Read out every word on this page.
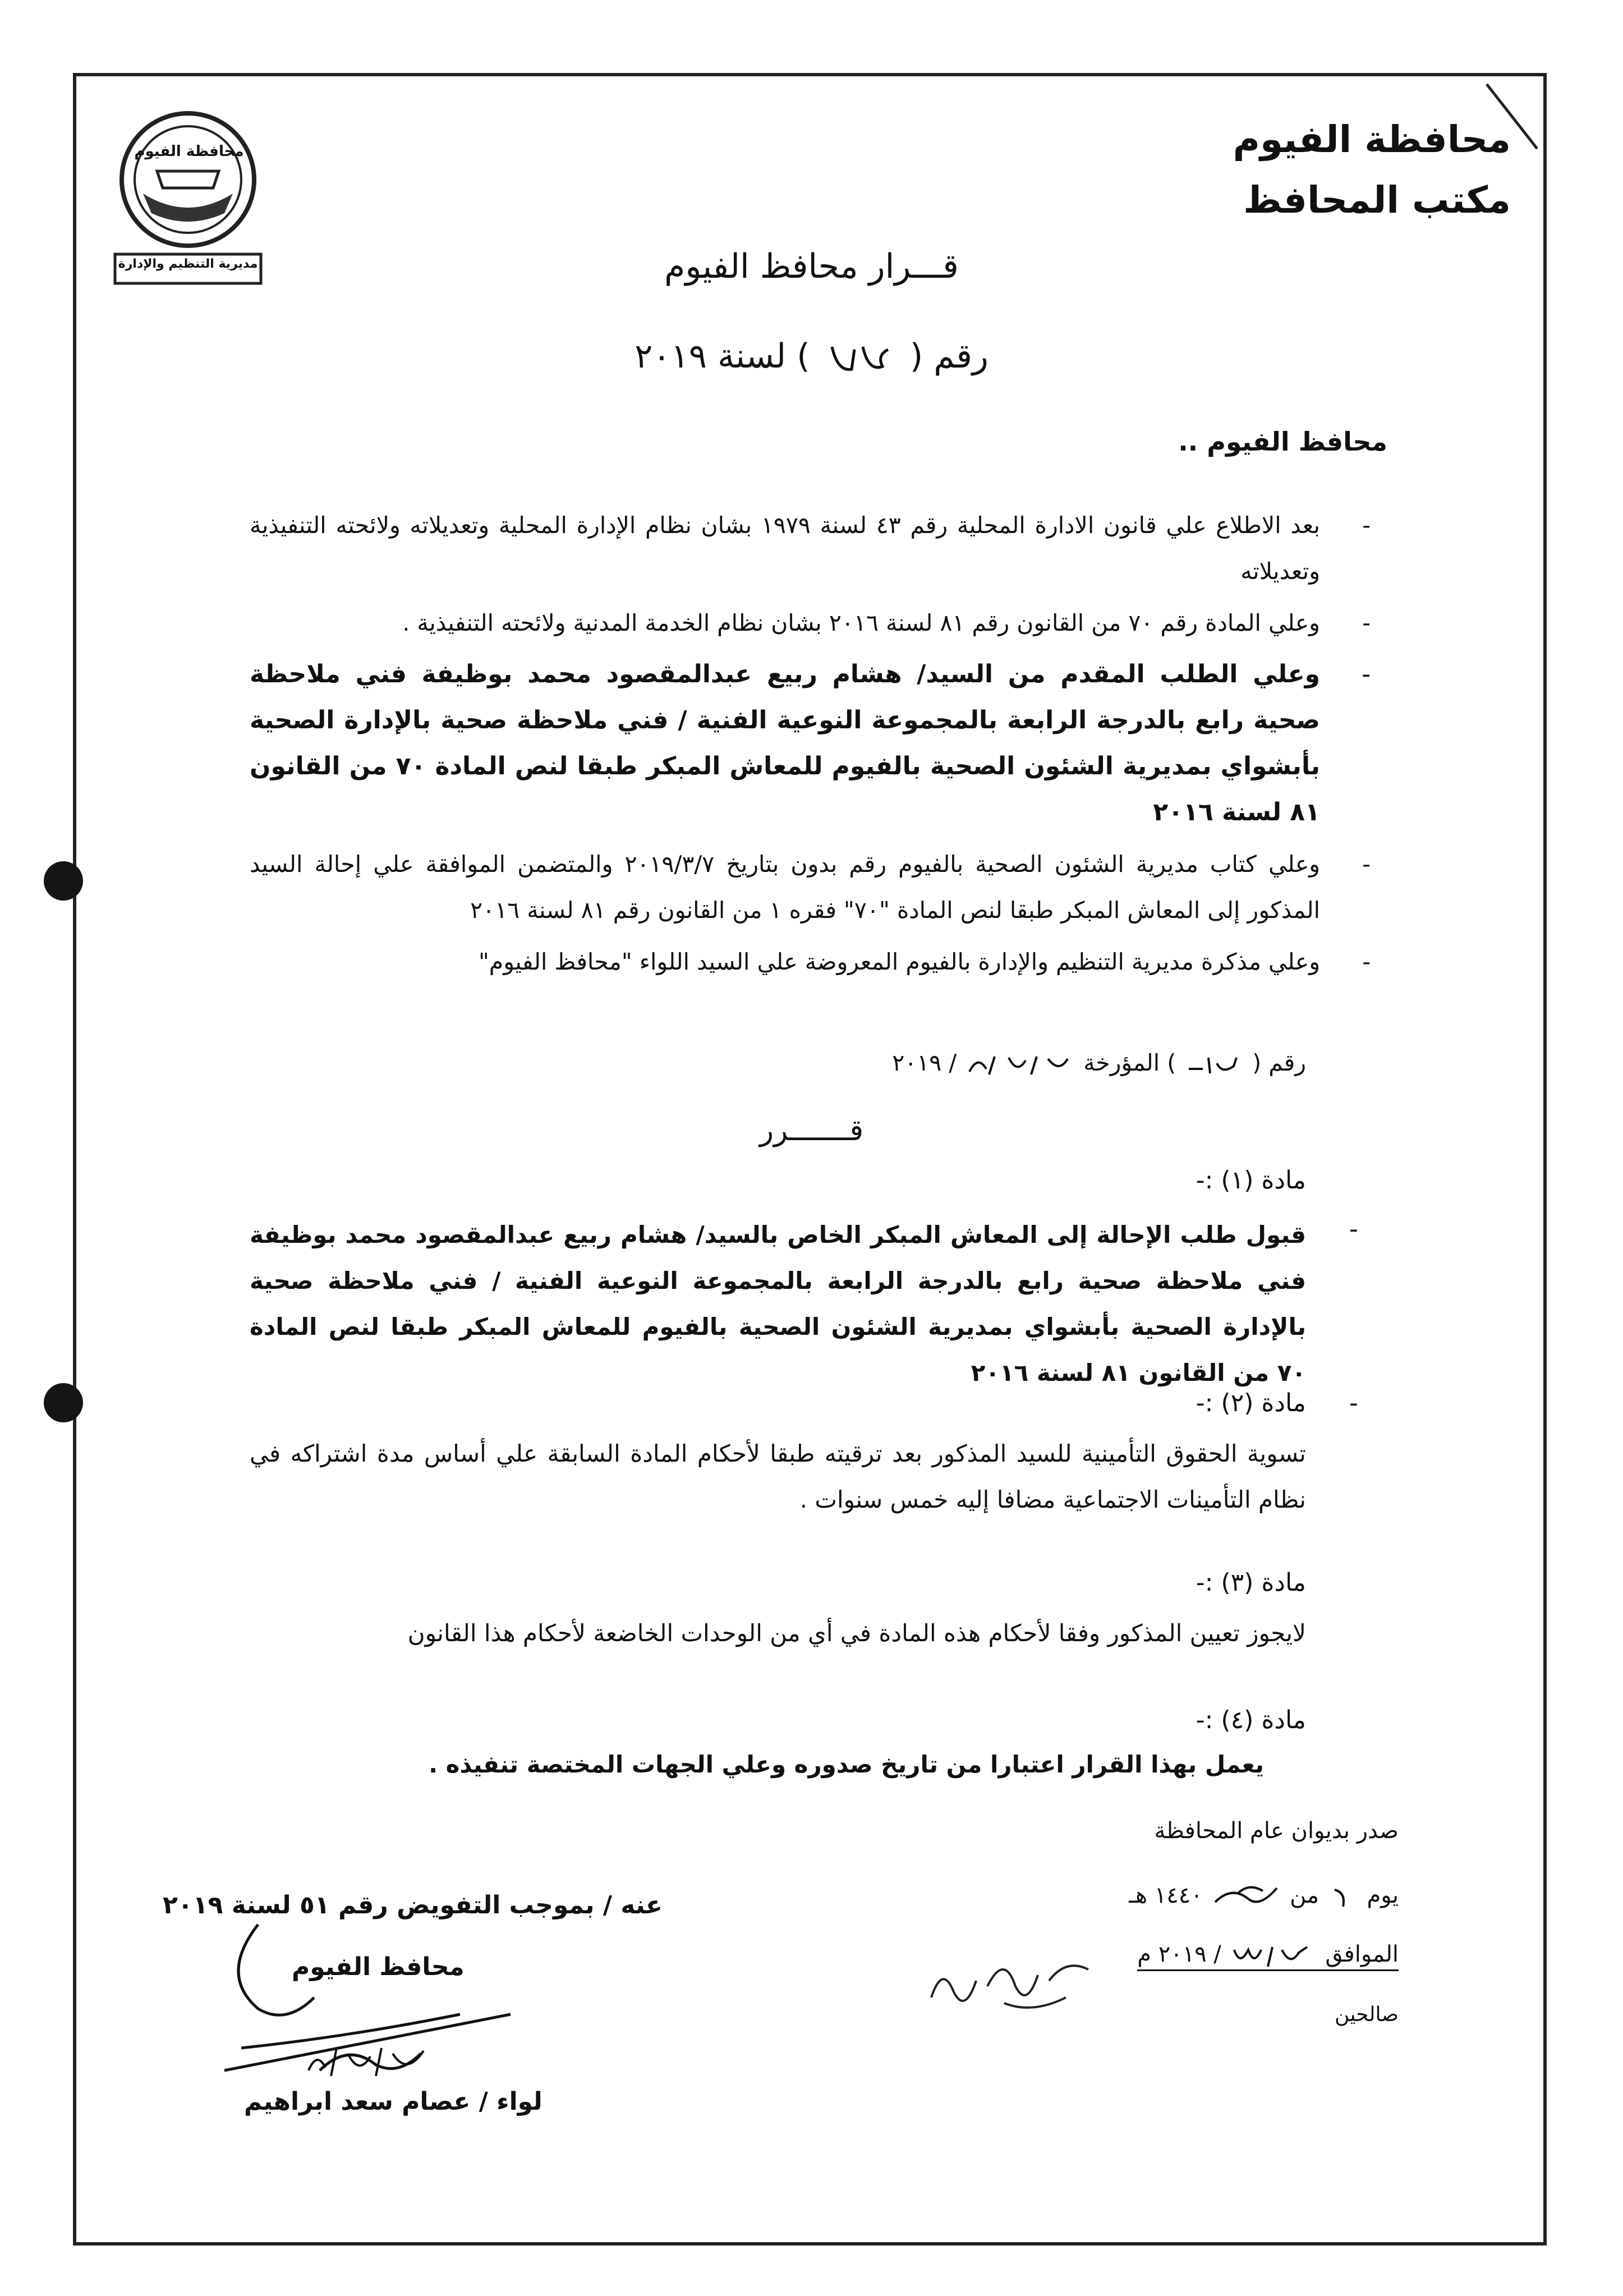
محافظة الفيوم
مديرية التنظيم والإدارة
محافظة الفيوم
مكتب المحافظ
قـــرار محافظ الفيوم
رقم (  ) لسنة ٢٠١٩
محافظ الفيوم ..
- بعد الاطلاع علي قانون الادارة المحلية رقم ٤٣ لسنة ١٩٧٩ بشان نظام الإدارة المحلية وتعديلاته ولائحته التنفيذية وتعديلاته
- وعلي المادة رقم ٧٠ من القانون رقم ٨١ لسنة ٢٠١٦ بشان نظام الخدمة المدنية ولائحته التنفيذية .
- وعلي الطلب المقدم من السيد/ هشام ربيع عبدالمقصود محمد بوظيفة فني ملاحظة صحية رابع بالدرجة الرابعة بالمجموعة النوعية الفنية / فني ملاحظة صحية بالإدارة الصحية بأبشواي بمديرية الشئون الصحية بالفيوم للمعاش المبكر طبقا لنص المادة ٧٠ من القانون ٨١ لسنة ٢٠١٦
- وعلي كتاب مديرية الشئون الصحية بالفيوم رقم بدون بتاريخ ٢٠١٩/٣/٧ والمتضمن الموافقة علي إحالة السيد المذكور إلى المعاش المبكر طبقا لنص المادة "٧٠" فقره ١ من القانون رقم ٨١ لسنة ٢٠١٦
- وعلي مذكرة مديرية التنظيم والإدارة بالفيوم المعروضة علي السيد اللواء "محافظ الفيوم"
رقم (  ) المؤرخة  / ٢٠١٩
قـــــــرر
مادة (١) :-
-
قبول طلب الإحالة إلى المعاش المبكر الخاص بالسيد/ هشام ربيع عبدالمقصود محمد بوظيفة فني ملاحظة صحية رابع بالدرجة الرابعة بالمجموعة النوعية الفنية / فني ملاحظة صحية بالإدارة الصحية بأبشواي بمديرية الشئون الصحية بالفيوم للمعاش المبكر طبقا لنص المادة ٧٠ من القانون ٨١ لسنة ٢٠١٦
مادة (٢) :- -
تسوية الحقوق التأمينية للسيد المذكور بعد ترقيته طبقا لأحكام المادة السابقة علي أساس مدة اشتراكه في نظام التأمينات الاجتماعية مضافا إليه خمس سنوات .
مادة (٣) :-
لايجوز تعيين المذكور وفقا لأحكام هذه المادة في أي من الوحدات الخاضعة لأحكام هذا القانون
مادة (٤) :-
يعمل بهذا القرار اعتبارا من تاريخ صدوره وعلي الجهات المختصة تنفيذه .
صدر بديوان عام المحافظة
يوم  من  ١٤٤٠ هـ
الموافق  / ٢٠١٩ م
صالحين
عنه / بموجب التفويض رقم ٥١ لسنة ٢٠١٩
محافظ الفيوم
لواء / عصام سعد ابراهيم
